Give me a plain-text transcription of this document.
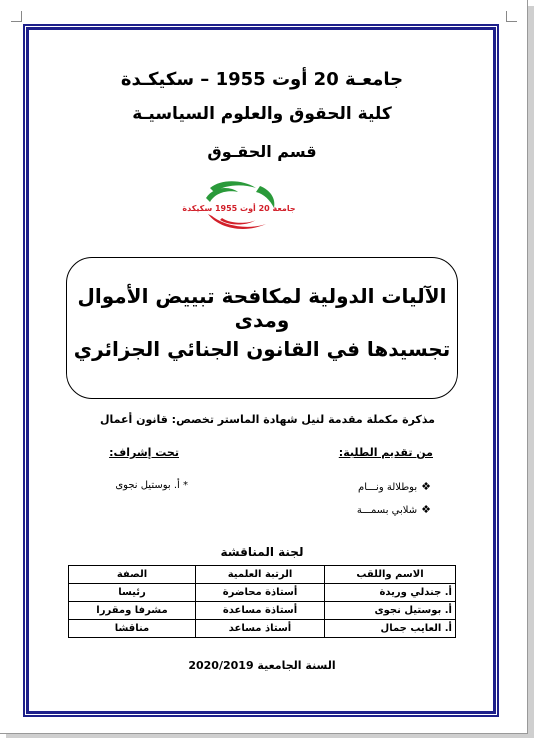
جامعـة 20 أوت 1955 – سكيكـدة
كلية الحقوق والعلوم السياسيـة
قسم الحقـوق
جامعة 20 أوت 1955 سكيكدة
الآليات الدولية لمكافحة تبييض الأموال ومدى
تجسيدها في القانون الجنائي الجزائري
مذكرة مكملة مقدمة لنيل شهادة الماستر تخصص: قانون أعمال
من تقديم الطلبة:
تحت إشراف:
❖بوطلالة ونـــام
❖شلابي بسمـــة
* أ. بوستيل نجوى
لجنة المناقشة
الاسم واللقب	الرتبة العلمية	الصفة
أ. جندلي وريدة	أستاذة محاضرة	رئيسا
أ. بوستيل نجوى	أستاذة مساعدة	مشرفا ومقررا
أ. العايب جمال	أستاذ مساعد	مناقشا
السنة الجامعية 2020/2019
